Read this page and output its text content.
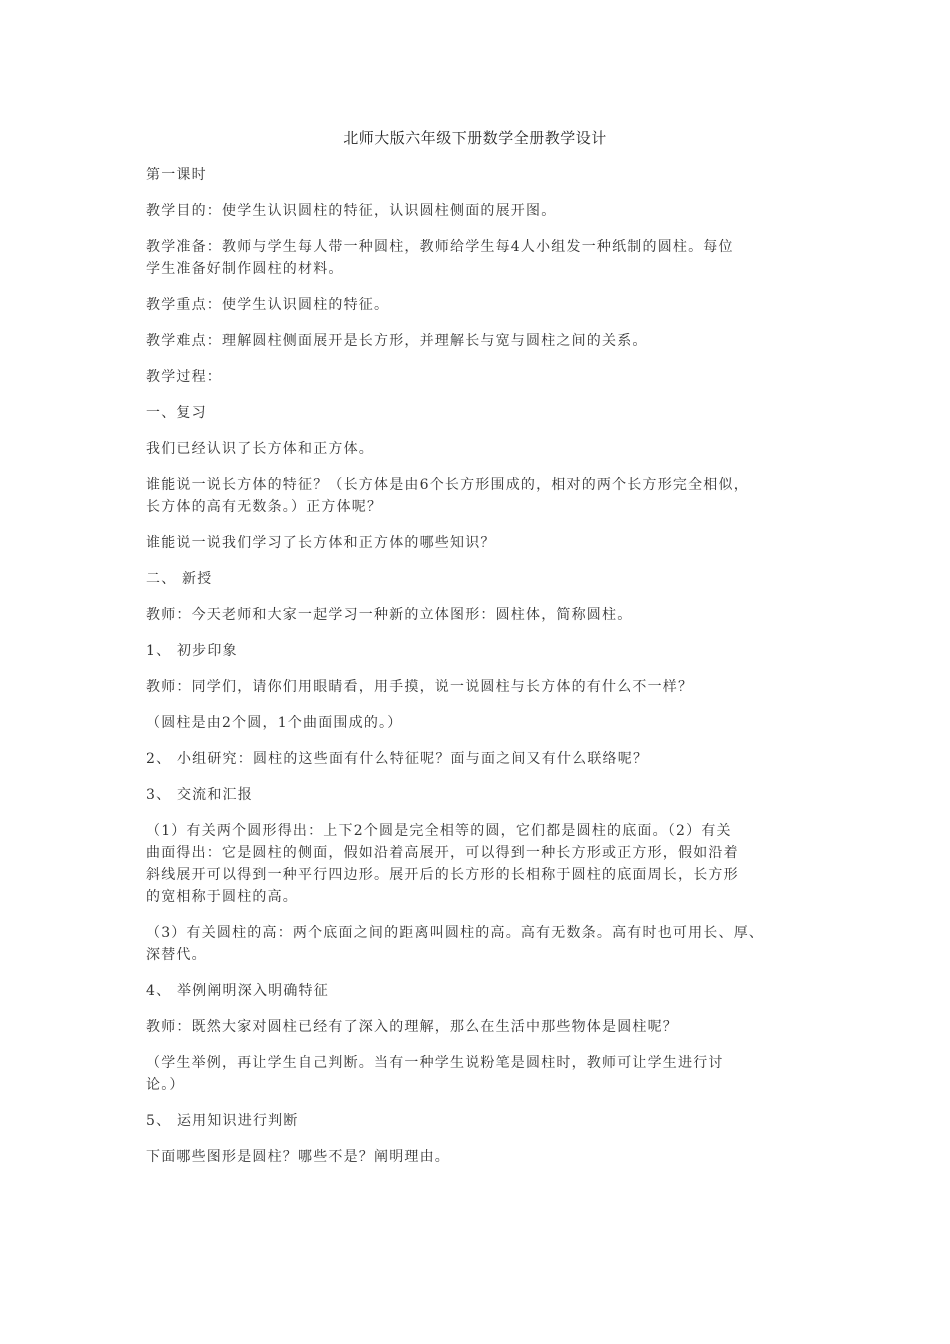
北师大版六年级下册数学全册教学设计

第一课时

教学目的：使学生认识圆柱的特征，认识圆柱侧面的展开图。

教学准备：教师与学生每人带一种圆柱，教师给学生每4人小组发一种纸制的圆柱。每位
学生准备好制作圆柱的材料。

教学重点：使学生认识圆柱的特征。

教学难点：理解圆柱侧面展开是长方形，并理解长与宽与圆柱之间的关系。

教学过程：

一、复习

我们已经认识了长方体和正方体。

谁能说一说长方体的特征？（长方体是由6个长方形围成的，相对的两个长方形完全相似，
长方体的高有无数条。）正方体呢？

谁能说一说我们学习了长方体和正方体的哪些知识？

二、 新授

教师：今天老师和大家一起学习一种新的立体图形：圆柱体，简称圆柱。

1、 初步印象

教师：同学们，请你们用眼睛看，用手摸，说一说圆柱与长方体的有什么不一样？

（圆柱是由2个圆，1个曲面围成的。）

2、 小组研究：圆柱的这些面有什么特征呢？面与面之间又有什么联络呢？

3、 交流和汇报

（1）有关两个圆形得出：上下2个圆是完全相等的圆，它们都是圆柱的底面。（2）有关
曲面得出：它是圆柱的侧面，假如沿着高展开，可以得到一种长方形或正方形，假如沿着
斜线展开可以得到一种平行四边形。展开后的长方形的长相称于圆柱的底面周长，长方形
的宽相称于圆柱的高。

（3）有关圆柱的高：两个底面之间的距离叫圆柱的高。高有无数条。高有时也可用长、厚、
深替代。

4、 举例阐明深入明确特征

教师：既然大家对圆柱已经有了深入的理解，那么在生活中那些物体是圆柱呢？

（学生举例，再让学生自己判断。当有一种学生说粉笔是圆柱时，教师可让学生进行讨
论。）

5、 运用知识进行判断

下面哪些图形是圆柱？哪些不是？阐明理由。
